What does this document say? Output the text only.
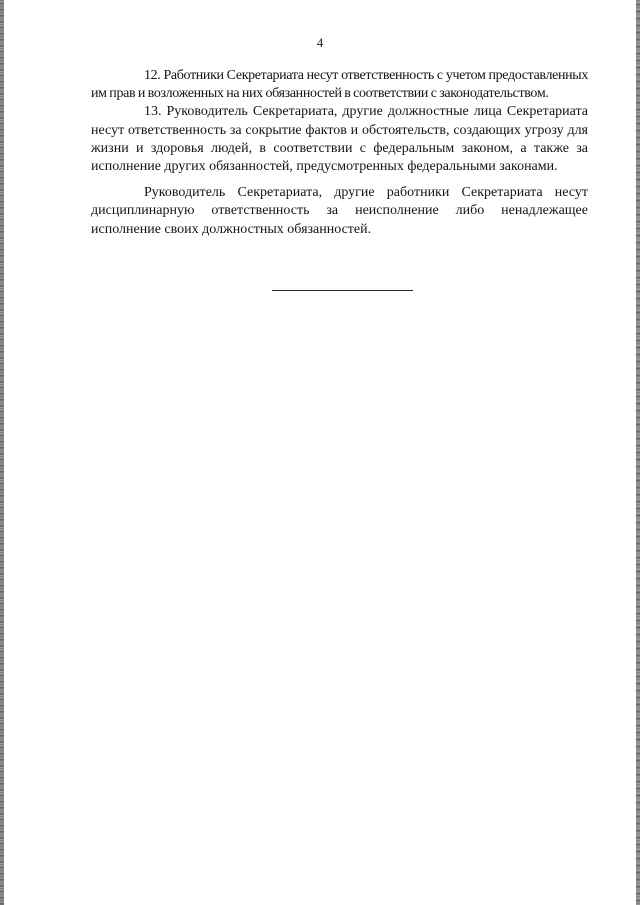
4

12. Работники Секретариата несут ответственность с учетом предоставленных им прав и возложенных на них обязанностей в соответствии с законодательством.

13. Руководитель Секретариата, другие должностные лица Секретариата несут ответственность за сокрытие фактов и обстоятельств, создающих угрозу для жизни и здоровья людей, в соответствии с федеральным законом, а также за исполнение других обязанностей, предусмотренных федеральными законами.

Руководитель Секретариата, другие работники Секретариата несут дисциплинарную ответственность за неисполнение либо ненадлежащее исполнение своих должностных обязанностей.
